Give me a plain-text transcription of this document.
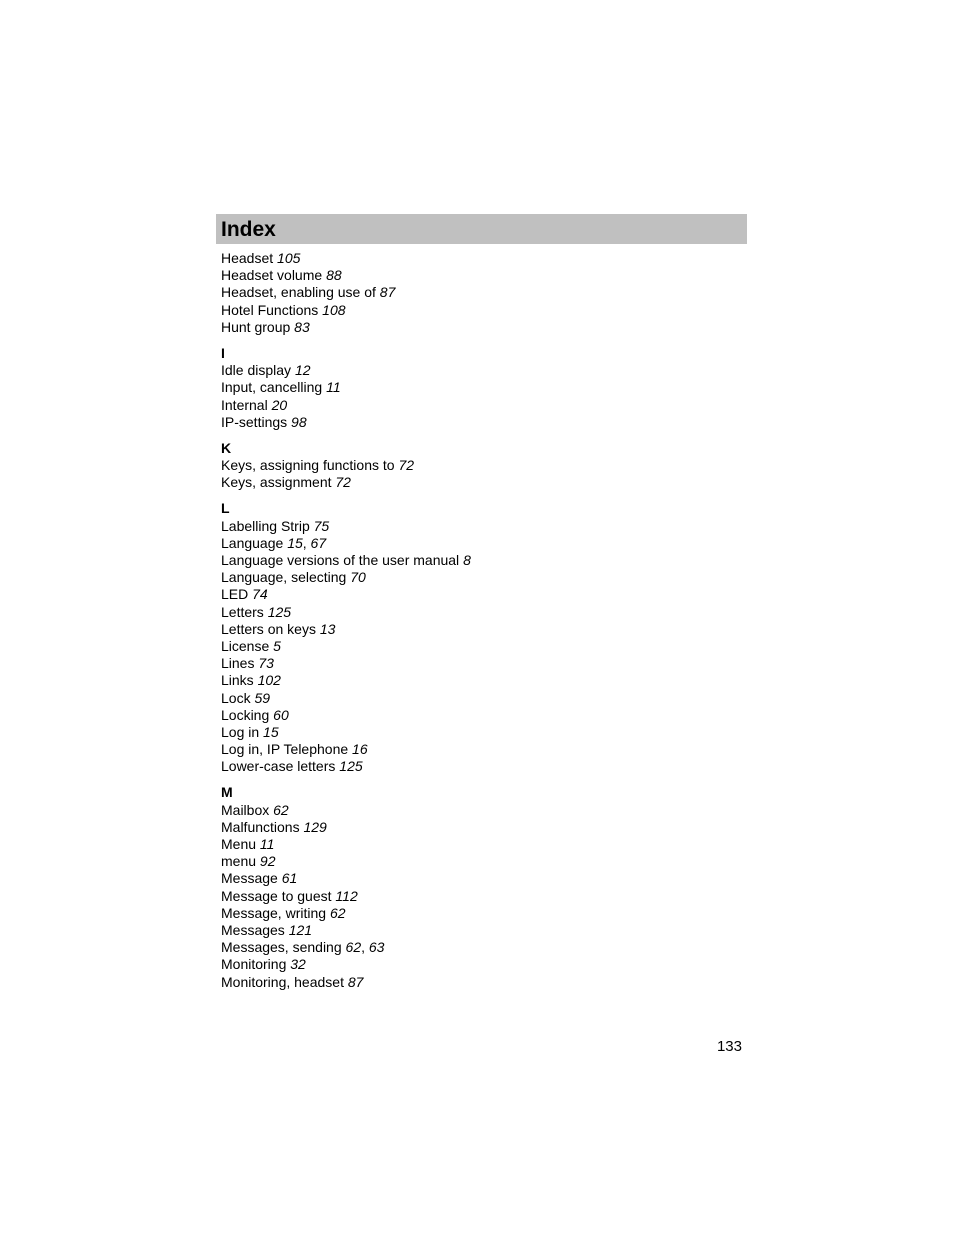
Index
Headset 105
Headset volume 88
Headset, enabling use of 87
Hotel Functions 108
Hunt group 83
I
Idle display 12
Input, cancelling 11
Internal 20
IP-settings 98
K
Keys, assigning functions to 72
Keys, assignment 72
L
Labelling Strip 75
Language 15, 67
Language versions of the user manual 8
Language, selecting 70
LED 74
Letters 125
Letters on keys 13
License 5
Lines 73
Links 102
Lock 59
Locking 60
Log in 15
Log in, IP Telephone 16
Lower-case letters 125
M
Mailbox 62
Malfunctions 129
Menu 11
menu 92
Message 61
Message to guest 112
Message, writing 62
Messages 121
Messages, sending 62, 63
Monitoring 32
Monitoring, headset 87
133
